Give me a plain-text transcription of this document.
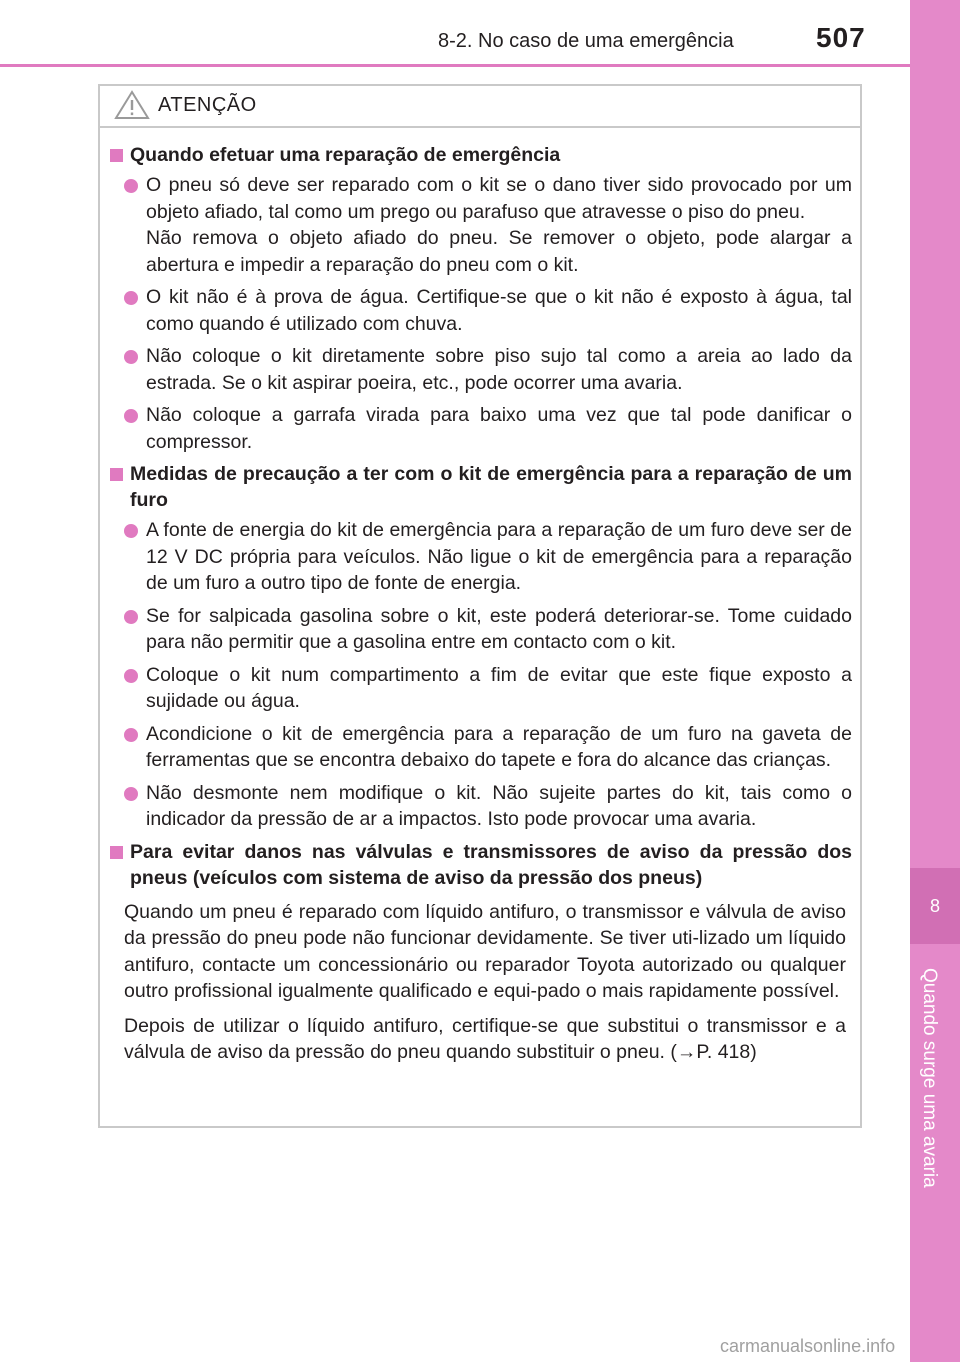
8-2. No caso de uma emergência	507
8
Quando surge uma avaria
ATENÇÃO
Quando efetuar uma reparação de emergência
O pneu só deve ser reparado com o kit se o dano tiver sido provocado por um objeto afiado, tal como um prego ou parafuso que atravesse o piso do pneu.
Não remova o objeto afiado do pneu. Se remover o objeto, pode alargar a abertura e impedir a reparação do pneu com o kit.
O kit não é à prova de água. Certifique-se que o kit não é exposto à água, tal como quando é utilizado com chuva.
Não coloque o kit diretamente sobre piso sujo tal como a areia ao lado da estrada. Se o kit aspirar poeira, etc., pode ocorrer uma avaria.
Não coloque a garrafa virada para baixo uma vez que tal pode danificar o compressor.
Medidas de precaução a ter com o kit de emergência para a reparação de um furo
A fonte de energia do kit de emergência para a reparação de um furo deve ser de 12 V DC própria para veículos. Não ligue o kit de emergência para a reparação de um furo a outro tipo de fonte de energia.
Se for salpicada gasolina sobre o kit, este poderá deteriorar-se. Tome cuidado para não permitir que a gasolina entre em contacto com o kit.
Coloque o kit num compartimento a fim de evitar que este fique exposto a sujidade ou água.
Acondicione o kit de emergência para a reparação de um furo na gaveta de ferramentas que se encontra debaixo do tapete e fora do alcance das crianças.
Não desmonte nem modifique o kit. Não sujeite partes do kit, tais como o indicador da pressão de ar a impactos. Isto pode provocar uma avaria.
Para evitar danos nas válvulas e transmissores de aviso da pressão dos pneus (veículos com sistema de aviso da pressão dos pneus)
Quando um pneu é reparado com líquido antifuro, o transmissor e válvula de aviso da pressão do pneu pode não funcionar devidamente. Se tiver uti-lizado um líquido antifuro, contacte um concessionário ou reparador Toyota autorizado ou qualquer outro profissional igualmente qualificado e equi-pado o mais rapidamente possível.
Depois de utilizar o líquido antifuro, certifique-se que substitui o transmissor e a válvula de aviso da pressão do pneu quando substituir o pneu. (→P. 418)
carmanualsonline.info
